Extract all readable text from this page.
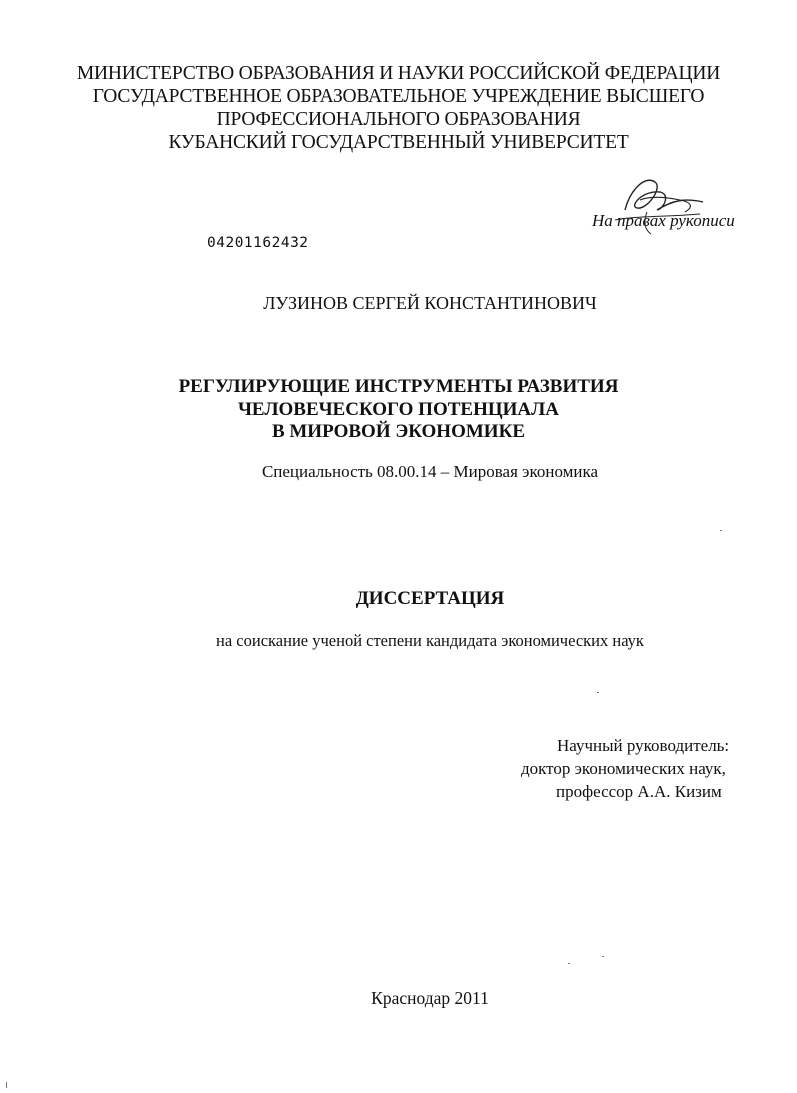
МИНИСТЕРСТВО ОБРАЗОВАНИЯ И НАУКИ РОССИЙСКОЙ ФЕДЕРАЦИИ
ГОСУДАРСТВЕННОЕ ОБРАЗОВАТЕЛЬНОЕ УЧРЕЖДЕНИЕ ВЫСШЕГО
ПРОФЕССИОНАЛЬНОГО ОБРАЗОВАНИЯ
КУБАНСКИЙ ГОСУДАРСТВЕННЫЙ УНИВЕРСИТЕТ
На правах рукописи
04201162432
ЛУЗИНОВ СЕРГЕЙ КОНСТАНТИНОВИЧ
РЕГУЛИРУЮЩИЕ ИНСТРУМЕНТЫ РАЗВИТИЯ
ЧЕЛОВЕЧЕСКОГО ПОТЕНЦИАЛА
В МИРОВОЙ ЭКОНОМИКЕ
Специальность 08.00.14 – Мировая экономика
ДИССЕРТАЦИЯ
на соискание ученой степени кандидата экономических наук
Научный руководитель:
доктор экономических наук,
профессор А.А. Кизим
Краснодар 2011
